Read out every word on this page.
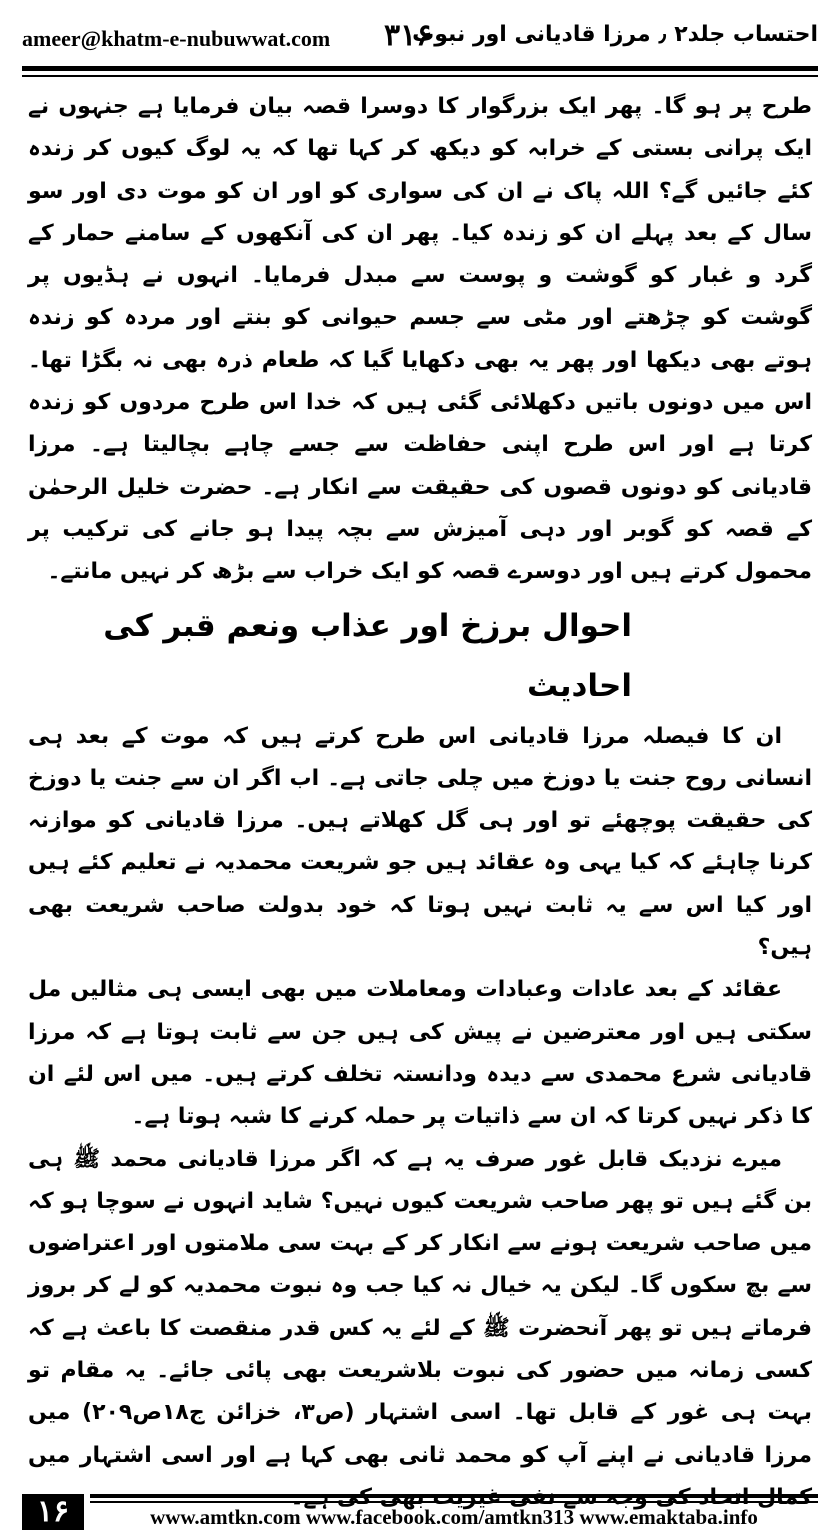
ameer@khatm-e-nubuwwat.com ۳۱۶
احتساب جلد۲ ٫ مرزا قادیانی اور نبوت

طرح پر ہو گا۔ پھر ایک بزرگوار کا دوسرا قصہ بیان فرمایا ہے جنہوں نے ایک پرانی بستی کے خرابہ کو دیکھ کر کہا تھا کہ یہ لوگ کیوں کر زندہ کئے جائیں گے؟ اللہ پاک نے ان کی سواری کو اور ان کو موت دی اور سو سال کے بعد پہلے ان کو زندہ کیا۔ پھر ان کی آنکھوں کے سامنے حمار کے گرد و غبار کو گوشت و پوست سے مبدل فرمایا۔ انہوں نے ہڈیوں پر گوشت کو چڑھتے اور مٹی سے جسم حیوانی کو بنتے اور مردہ کو زندہ ہوتے بھی دیکھا اور پھر یہ بھی دکھایا گیا کہ طعام ذرہ بھی نہ بگڑا تھا۔ اس میں دونوں باتیں دکھلائی گئی ہیں کہ خدا اس طرح مردوں کو زندہ کرتا ہے اور اس طرح اپنی حفاظت سے جسے چاہے بچالیتا ہے۔ مرزا قادیانی کو دونوں قصوں کی حقیقت سے انکار ہے۔ حضرت خلیل الرحمٰن کے قصہ کو گوبر اور دہی آمیزش سے بچہ پیدا ہو جانے کی ترکیب پر محمول کرتے ہیں اور دوسرے قصہ کو ایک خراب سے بڑھ کر نہیں مانتے۔

احوال برزخ اور عذاب ونعم قبر کی احادیث

ان کا فیصلہ مرزا قادیانی اس طرح کرتے ہیں کہ موت کے بعد ہی انسانی روح جنت یا دوزخ میں چلی جاتی ہے۔ اب اگر ان سے جنت یا دوزخ کی حقیقت پوچھئے تو اور ہی گل کھلاتے ہیں۔ مرزا قادیانی کو موازنہ کرنا چاہئے کہ کیا یہی وہ عقائد ہیں جو شریعت محمدیہ نے تعلیم کئے ہیں اور کیا اس سے یہ ثابت نہیں ہوتا کہ خود بدولت صاحب شریعت بھی ہیں؟

عقائد کے بعد عادات وعبادات ومعاملات میں بھی ایسی ہی مثالیں مل سکتی ہیں اور معترضین نے پیش کی ہیں جن سے ثابت ہوتا ہے کہ مرزا قادیانی شرع محمدی سے دیدہ ودانستہ تخلف کرتے ہیں۔ میں اس لئے ان کا ذکر نہیں کرتا کہ ان سے ذاتیات پر حملہ کرنے کا شبہ ہوتا ہے۔

میرے نزدیک قابل غور صرف یہ ہے کہ اگر مرزا قادیانی محمد ﷺ ہی بن گئے ہیں تو پھر صاحب شریعت کیوں نہیں؟ شاید انہوں نے سوچا ہو کہ میں صاحب شریعت ہونے سے انکار کر کے بہت سی ملامتوں اور اعتراضوں سے بچ سکوں گا۔ لیکن یہ خیال نہ کیا جب وہ نبوت محمدیہ کو لے کر بروز فرماتے ہیں تو پھر آنحضرت ﷺ کے لئے یہ کس قدر منقصت کا باعث ہے کہ کسی زمانہ میں حضور کی نبوت بلاشریعت بھی پائی جائے۔ یہ مقام تو بہت ہی غور کے قابل تھا۔ اسی اشتہار (ص۳، خزائن ج۱۸ص۲۰۹) میں مرزا قادیانی نے اپنے آپ کو محمد ثانی بھی کہا ہے اور اسی اشتہار میں

۱۶	www.amtkn.com www.facebook.com/amtkn313 www.emaktaba.info
